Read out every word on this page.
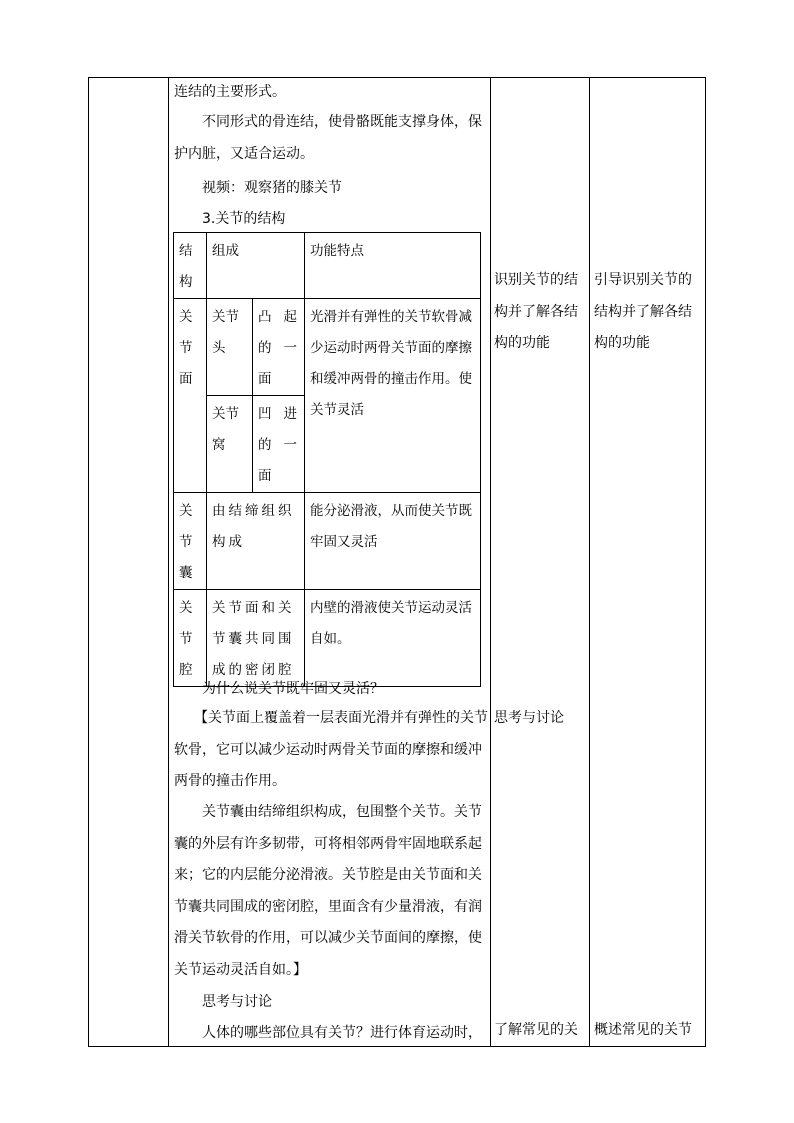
连结的主要形式。
不同形式的骨连结，使骨骼既能支撑身体，保护内脏，又适合运动。
视频：观察猪的膝关节
3.关节的结构
结构	组成		功能特点
关节面	关节头	凸起的一面	光滑并有弹性的关节软骨减少运动时两骨关节面的摩擦和缓冲两骨的撞击作用。使关节灵活
	关节窝	凹进的一面	
关节囊	由结缔组织构成		能分泌滑液，从而使关节既牢固又灵活
关节腔	关节面和关节囊共同围成的密闭腔		内壁的滑液使关节运动灵活自如。
为什么说关节既牢固又灵活？
【关节面上覆盖着一层表面光滑并有弹性的关节软骨，它可以减少运动时两骨关节面的摩擦和缓冲两骨的撞击作用。
关节囊由结缔组织构成，包围整个关节。关节囊的外层有许多韧带，可将相邻两骨牢固地联系起来；它的内层能分泌滑液。关节腔是由关节面和关节囊共同围成的密闭腔，里面含有少量滑液，有润滑关节软骨的作用，可以减少关节面间的摩擦，使关节运动灵活自如。】
思考与讨论
人体的哪些部位具有关节？进行体育运动时，
识别关节的结构并了解各结构的功能
思考与讨论
了解常见的关
引导识别关节的结构并了解各结构的功能
概述常见的关节
